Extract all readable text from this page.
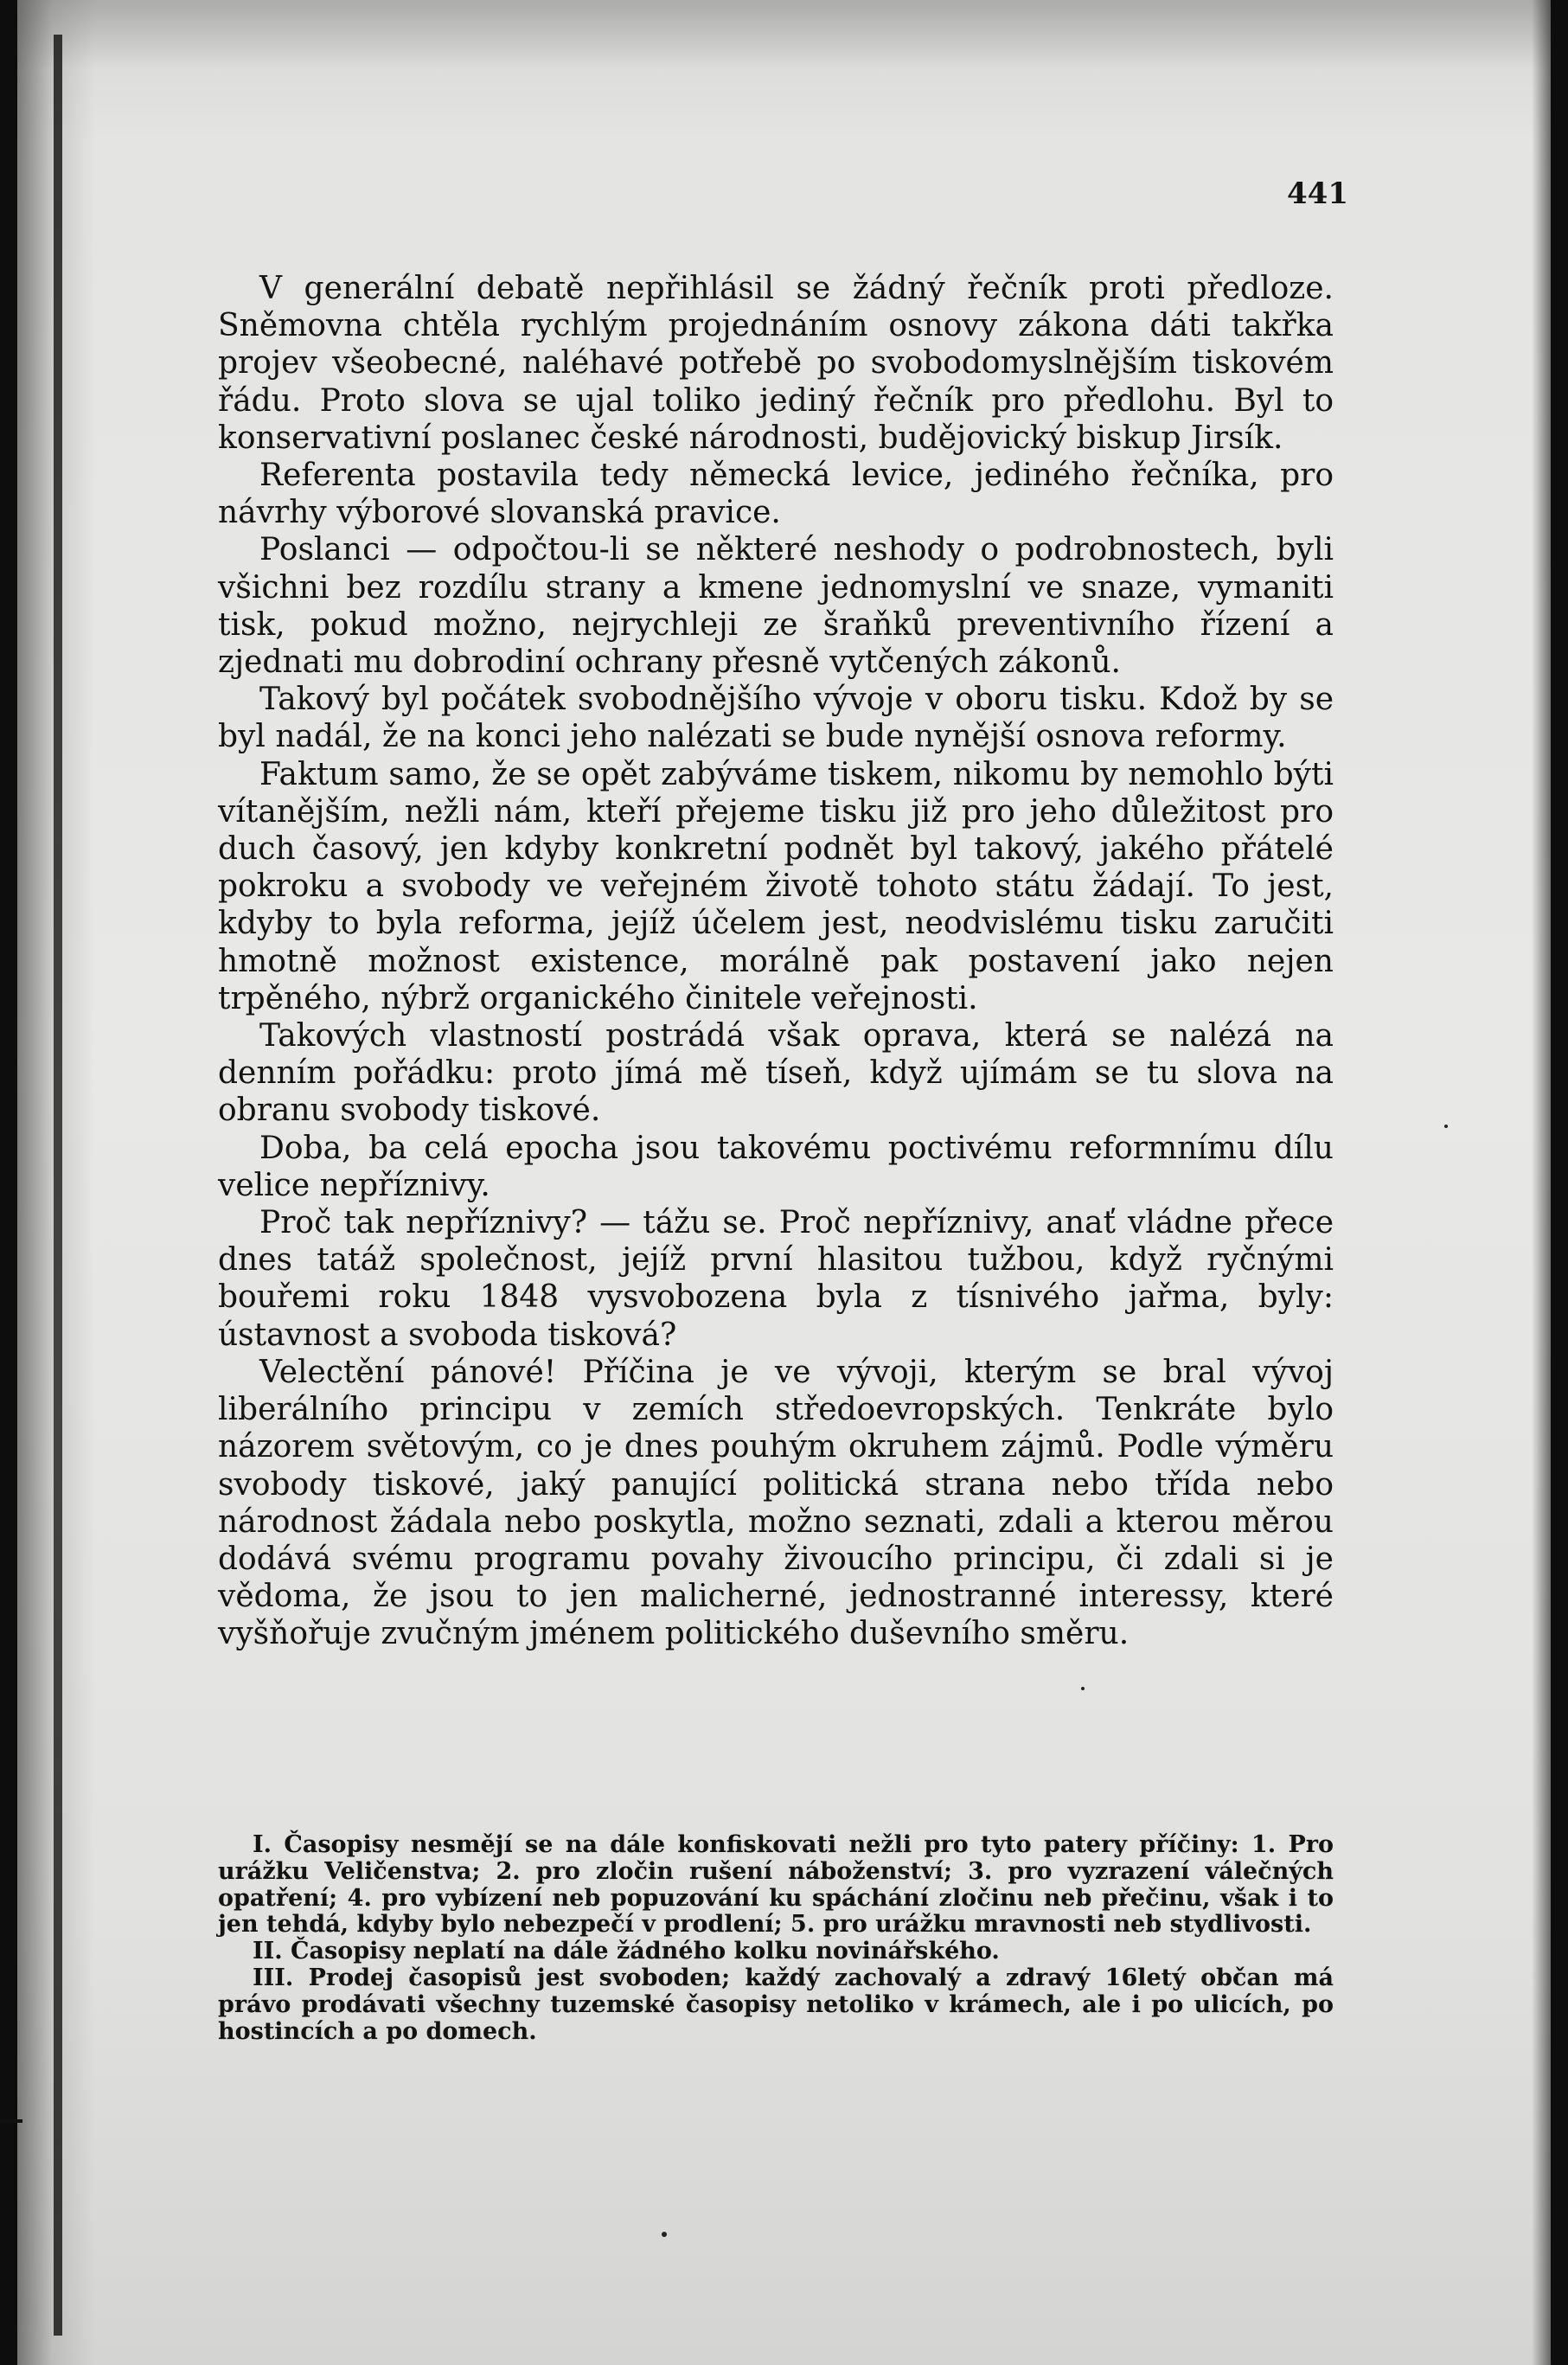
441

V generální debatě nepřihlásil se žádný řečník proti předloze. Sněmovna chtěla rychlým projednáním osnovy zákona dáti takřka projev všeobecné, naléhavé potřebě po svobodomyslnějším tiskovém řádu. Proto slova se ujal toliko jediný řečník pro předlohu. Byl to konservativní poslanec české národnosti, budějovický biskup Jirsík.

Referenta postavila tedy německá levice, jediného řečníka, pro návrhy výborové slovanská pravice.

Poslanci — odpočtou-li se některé neshody o podrobnostech, byli všichni bez rozdílu strany a kmene jednomyslní ve snaze, vymaniti tisk, pokud možno, nejrychleji ze šraňků preventivního řízení a zjednati mu dobrodiní ochrany přesně vytčených zákonů.

Takový byl počátek svobodnějšího vývoje v oboru tisku. Kdož by se byl nadál, že na konci jeho nalézati se bude nynější osnova reformy.

Faktum samo, že se opět zabýváme tiskem, nikomu by nemohlo býti vítanějším, nežli nám, kteří přejeme tisku již pro jeho důležitost pro duch časový, jen kdyby konkretní podnět byl takový, jakého přátelé pokroku a svobody ve veřejném životě tohoto státu žádají. To jest, kdyby to byla reforma, jejíž účelem jest, neodvislému tisku zaručiti hmotně možnost existence, morálně pak postavení jako nejen trpěného, nýbrž organického činitele veřejnosti.

Takových vlastností postrádá však oprava, která se nalézá na denním pořádku: proto jímá mě tíseň, když ujímám se tu slova na obranu svobody tiskové.

Doba, ba celá epocha jsou takovému poctivému reformnímu dílu velice nepříznivy.

Proč tak nepříznivy? — tážu se. Proč nepříznivy, anať vládne přece dnes tatáž společnost, jejíž první hlasitou tužbou, když ryčnými bouřemi roku 1848 vysvobozena byla z tísnivého jařma, byly: ústavnost a svoboda tisková?

Velectění pánové! Příčina je ve vývoji, kterým se bral vývoj liberálního principu v zemích středoevropských. Tenkráte bylo názorem světovým, co je dnes pouhým okruhem zájmů. Podle výměru svobody tiskové, jaký panující politická strana nebo třída nebo národnost žádala nebo poskytla, možno seznati, zdali a kterou měrou dodává svému programu povahy živoucího principu, či zdali si je vědoma, že jsou to jen malicherné, jednostranné interessy, které vyšňořuje zvučným jménem politického duševního směru.

I. Časopisy nesmějí se na dále konfiskovati nežli pro tyto patery příčiny: 1. Pro urážku Veličenstva; 2. pro zločin rušení náboženství; 3. pro vyzrazení válečných opatření; 4. pro vybízení neb popuzování ku spáchání zločinu neb přečinu, však i to jen tehdá, kdyby bylo nebezpečí v prodlení; 5. pro urážku mravnosti neb stydlivosti.

II. Časopisy neplatí na dále žádného kolku novinářského.

III. Prodej časopisů jest svoboden; každý zachovalý a zdravý 16letý občan má právo prodávati všechny tuzemské časopisy netoliko v krámech, ale i po ulicích, po hostincích a po domech.
